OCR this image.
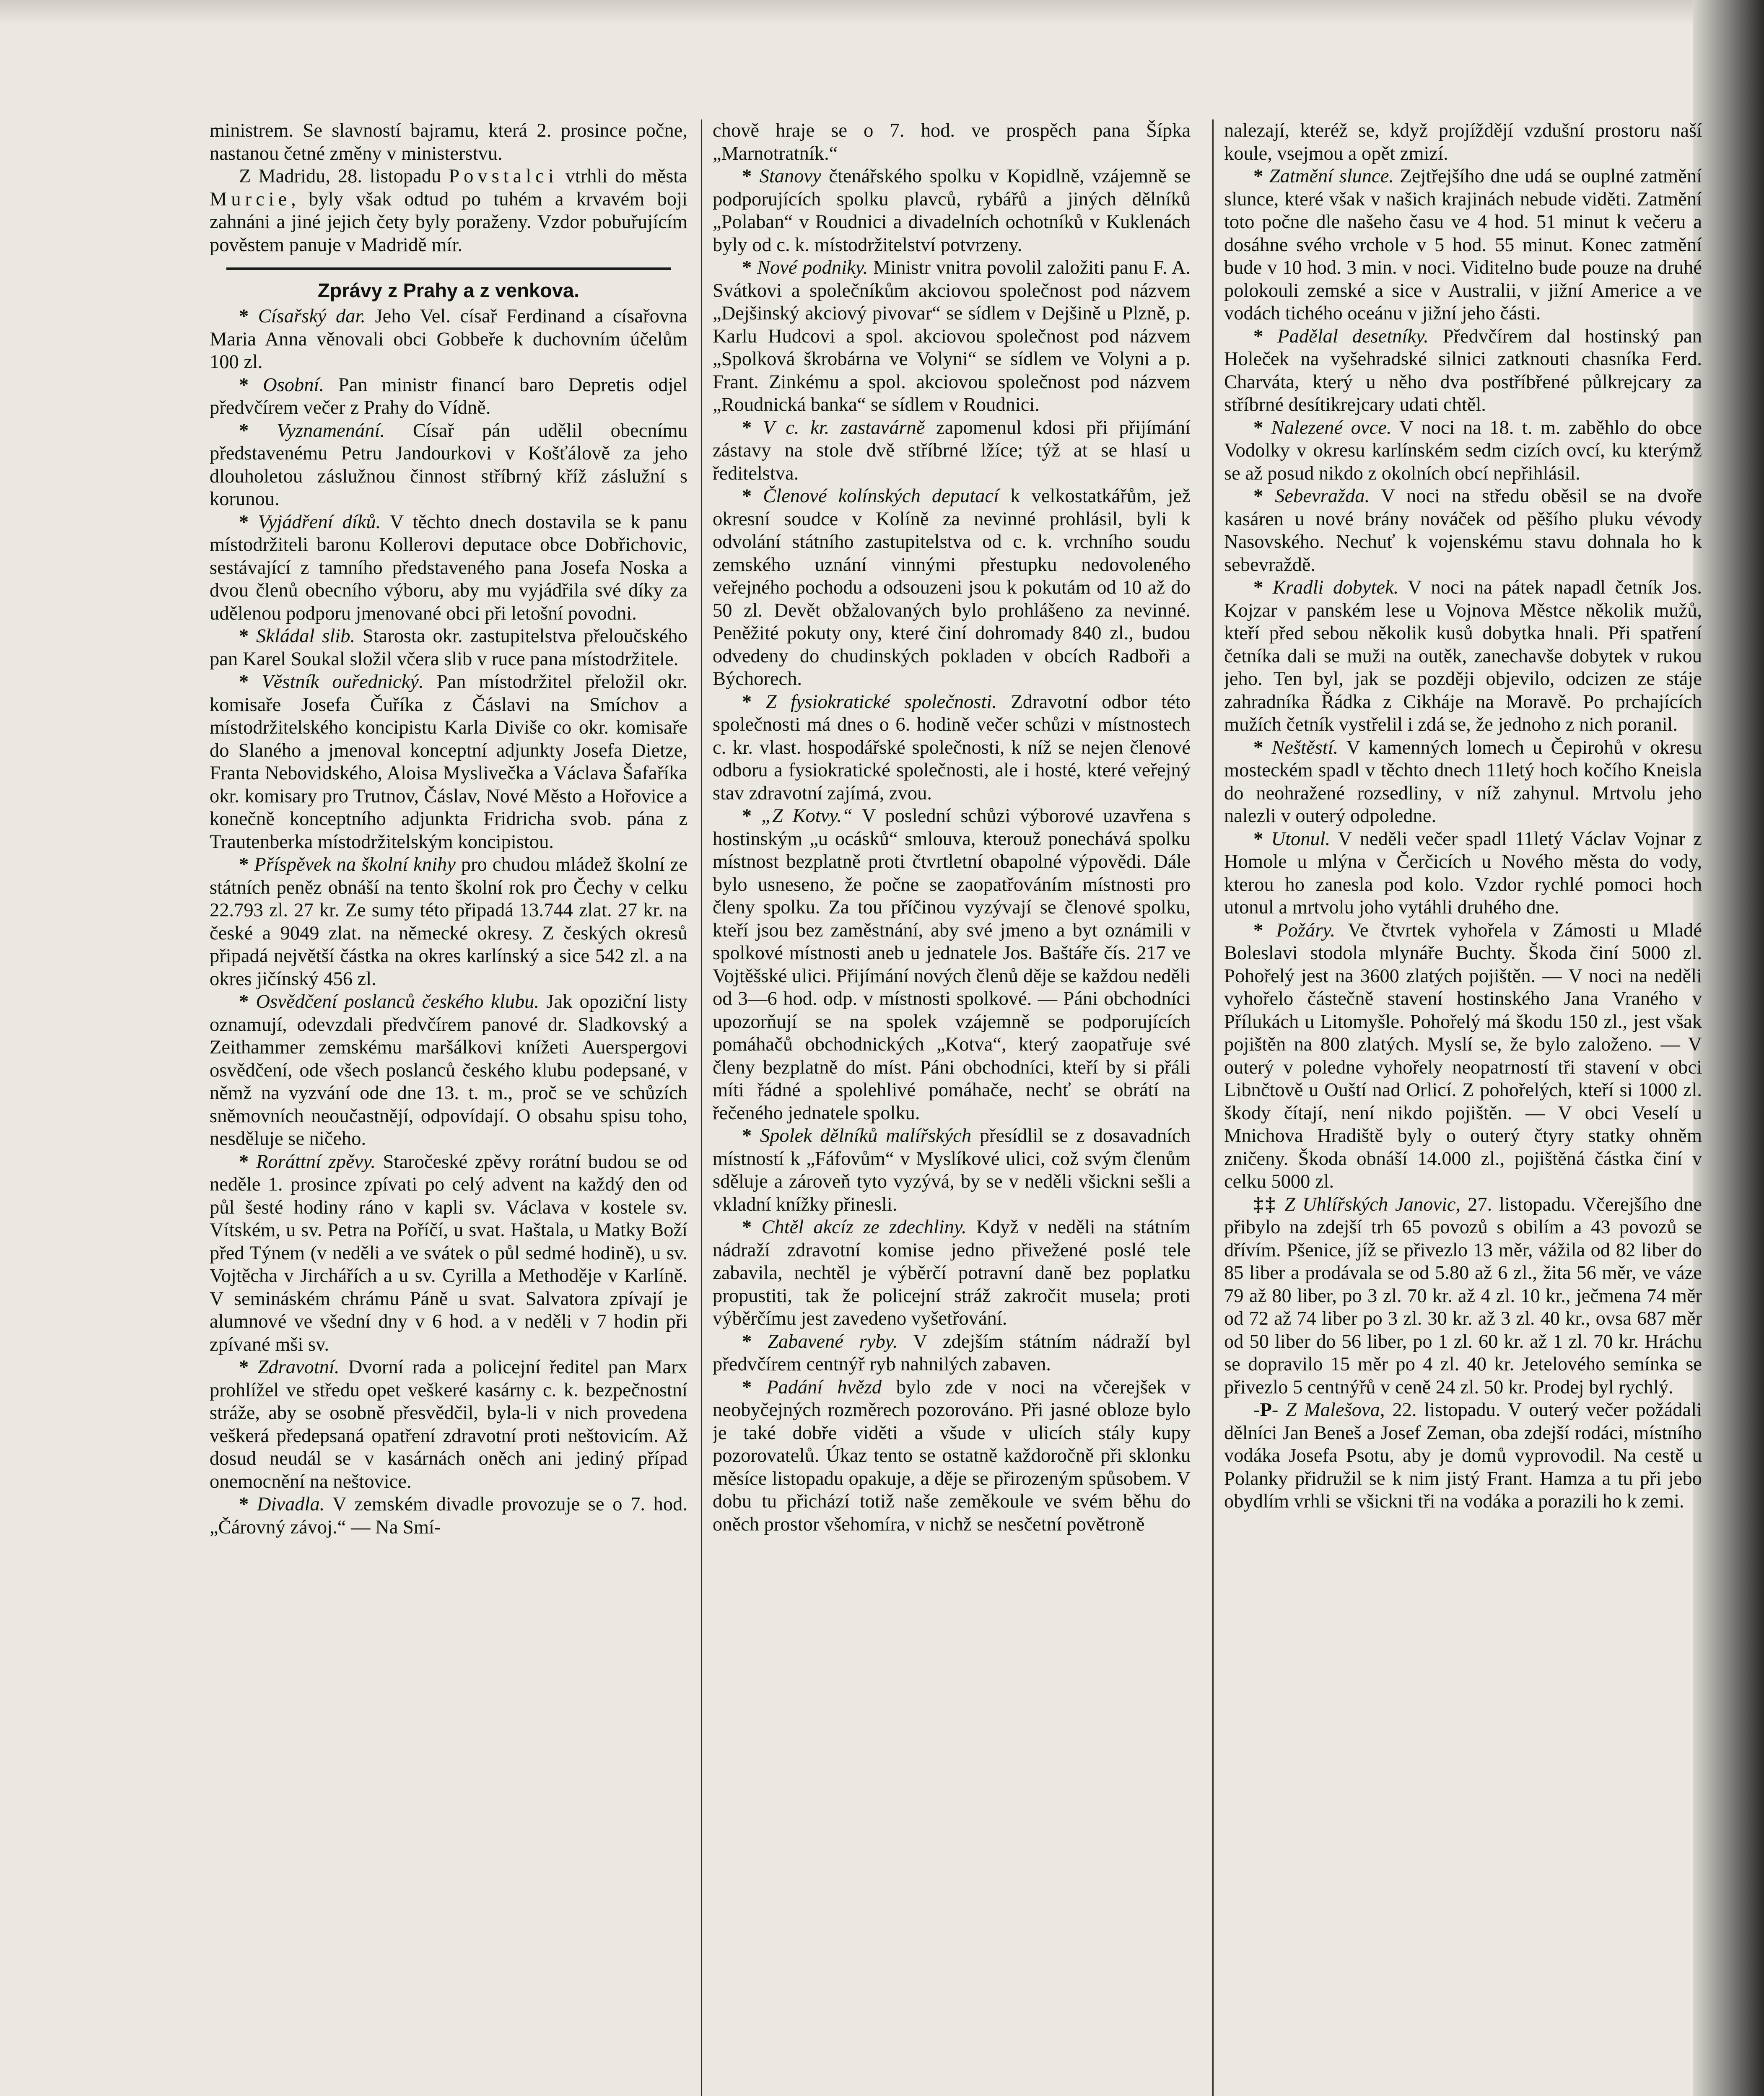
ministrem. Se slavností bajramu, která 2. prosince počne, nastanou četné změny v ministerstvu.

Z Madridu, 28. listopadu Povstalci vtrhli do města Murcie, byly však odtud po tuhém a krvavém boji zahnáni a jiné jejich čety byly poraženy. Vzdor pobuřujícím pověstem panuje v Madridě mír.

Zprávy z Prahy a z venkova.

* Císařský dar. Jeho Vel. císař Ferdinand a císařovna Maria Anna věnovali obci Gobbeře k duchovním účelům 100 zl.

* Osobní. Pan ministr financí baro Depretis odjel předvčírem večer z Prahy do Vídně.

* Vyznamenání. Císař pán udělil obecnímu představenému Petru Jandourkovi v Košťálově za jeho dlouholetou záslužnou činnost stříbrný kříž záslužní s korunou.

* Vyjádření díků. V těchto dnech dostavila se k panu místodržiteli baronu Kollerovi deputace obce Dobřichovic, sestávající z tamního představeného pana Josefa Noska a dvou členů obecního výboru, aby mu vyjádřila své díky za udělenou podporu jmenované obci při letošní povodni.

* Skládal slib. Starosta okr. zastupitelstva přeloučského pan Karel Soukal složil včera slib v ruce pana místodržitele.

* Věstník ouřednický. Pan místodržitel přeložil okr. komisaře Josefa Čuříka z Čáslavi na Smíchov a místodržitelského koncipistu Karla Diviše co okr. komisaře do Slaného a jmenoval konceptní adjunkty Josefa Dietze, Franta Nebovidského, Aloisa Myslivečka a Václava Šafaříka okr. komisary pro Trutnov, Čáslav, Nové Město a Hořovice a konečně konceptního adjunkta Fridricha svob. pána z Trautenberka místodržitelským koncipistou.

* Příspěvek na školní knihy pro chudou mládež školní ze státních peněz obnáší na tento školní rok pro Čechy v celku 22.793 zl. 27 kr. Ze sumy této připadá 13.744 zlat. 27 kr. na české a 9049 zlat. na německé okresy. Z českých okresů připadá největší částka na okres karlínský a sice 542 zl. a na okres jičínský 456 zl.

* Osvědčení poslanců českého klubu. Jak opoziční listy oznamují, odevzdali předvčírem panové dr. Sladkovský a Zeithammer zemskému maršálkovi knížeti Auerspergovi osvědčení, ode všech poslanců českého klubu podepsané, v němž na vyzvání ode dne 13. t. m., proč se ve schůzích sněmovních neoučastnějí, odpovídají. O obsahu spisu toho, nesděluje se ničeho.

* Roráttní zpěvy. Staročeské zpěvy rorátní budou se od neděle 1. prosince zpívati po celý advent na každý den od půl šesté hodiny ráno v kapli sv. Václava v kostele sv. Vítském, u sv. Petra na Poříčí, u svat. Haštala, u Matky Boží před Týnem (v neděli a ve svátek o půl sedmé hodině), u sv. Vojtěcha v Jirchářích a u sv. Cyrilla a Methoděje v Karlíně. V semináském chrámu Páně u svat. Salvatora zpívají je alumnové ve všední dny v 6 hod. a v neděli v 7 hodin při zpívané mši sv.

* Zdravotní. Dvorní rada a policejní ředitel pan Marx prohlížel ve středu opet veškeré kasárny c. k. bezpečnostní stráže, aby se osobně přesvědčil, byla-li v nich provedena veškerá předepsaná opatření zdravotní proti neštovicím. Až dosud neudál se v kasárnách oněch ani jediný případ onemocnění na neštovice.

* Divadla. V zemském divadle provozuje se o 7. hod. „Čárovný závoj.“ — Na Smí-

chově hraje se o 7. hod. ve prospěch pana Šípka „Marnotratník.“

* Stanovy čtenářského spolku v Kopidlně, vzájemně se podporujících spolku plavců, rybářů a jiných dělníků „Polaban“ v Roudnici a divadelních ochotníků v Kuklenách byly od c. k. místodržitelství potvrzeny.

* Nové podniky. Ministr vnitra povolil založiti panu F. A. Svátkovi a společníkům akciovou společnost pod názvem „Dejšinský akciový pivovar“ se sídlem v Dejšině u Plzně, p. Karlu Hudcovi a spol. akciovou společnost pod názvem „Spolková škrobárna ve Volyni“ se sídlem ve Volyni a p. Frant. Zinkému a spol. akciovou společnost pod názvem „Roudnická banka“ se sídlem v Roudnici.

* V c. kr. zastavárně zapomenul kdosi při přijímání zástavy na stole dvě stříbrné lžíce; týž at se hlasí u ředitelstva.

* Členové kolínských deputací k velkostatkářům, jež okresní soudce v Kolíně za nevinné prohlásil, byli k odvolání státního zastupitelstva od c. k. vrchního soudu zemského uznání vinnými přestupku nedovoleného veřejného pochodu a odsouzeni jsou k pokutám od 10 až do 50 zl. Devět obžalovaných bylo prohlášeno za nevinné. Peněžité pokuty ony, které činí dohromady 840 zl., budou odvedeny do chudinských pokladen v obcích Radboři a Býchorech.

* Z fysiokratické společnosti. Zdravotní odbor této společnosti má dnes o 6. hodině večer schůzi v místnostech c. kr. vlast. hospodářské společnosti, k níž se nejen členové odboru a fysiokratické společnosti, ale i hosté, které veřejný stav zdravotní zajímá, zvou.

* „Z Kotvy.“ V poslední schůzi výborové uzavřena s hostinským „u ocásků“ smlouva, kterouž ponechává spolku místnost bezplatně proti čtvrtletní obapolné výpovědi. Dále bylo usneseno, že počne se zaopatřováním místnosti pro členy spolku. Za tou příčinou vyzývají se členové spolku, kteří jsou bez zaměstnání, aby své jmeno a byt oznámili v spolkové místnosti aneb u jednatele Jos. Baštáře čís. 217 ve Vojtěšské ulici. Přijímání nových členů děje se každou neděli od 3—6 hod. odp. v místnosti spolkové. — Páni obchodníci upozorňují se na spolek vzájemně se podporujících pomáhačů obchodnických „Kotva“, který zaopatřuje své členy bezplatně do míst. Páni obchodníci, kteří by si přáli míti řádné a spolehlivé pomáhače, nechť se obrátí na řečeného jednatele spolku.

* Spolek dělníků malířských přesídlil se z dosavadních místností k „Fáfovům“ v Myslíkové ulici, což svým členům sděluje a zároveň tyto vyzývá, by se v neděli všickni sešli a vkladní knížky přinesli.

* Chtěl akcíz ze zdechliny. Když v neděli na státním nádraží zdravotní komise jedno přivežené poslé tele zabavila, nechtěl je výběrčí potravní daně bez poplatku propustiti, tak že policejní stráž zakročit musela; proti výběrčímu jest zavedeno vyšetřování.

* Zabavené ryby. V zdejším státním nádraží byl předvčírem centnýř ryb nahnilých zabaven.

* Padání hvězd bylo zde v noci na včerejšek v neobyčejných rozměrech pozorováno. Při jasné obloze bylo je také dobře viděti a všude v ulicích stály kupy pozorovatelů. Úkaz tento se ostatně každoročně při sklonku měsíce listopadu opakuje, a děje se přirozeným spůsobem. V dobu tu přichází totiž naše zeměkoule ve svém běhu do oněch prostor všehomíra, v nichž se nesčetní povětroně

nalezají, kteréž se, když projíždějí vzdušní prostoru naší koule, vsejmou a opět zmizí.

* Zatmění slunce. Zejtřejšího dne udá se ouplné zatmění slunce, které však v našich krajinách nebude viděti. Zatmění toto počne dle našeho času ve 4 hod. 51 minut k večeru a dosáhne svého vrchole v 5 hod. 55 minut. Konec zatmění bude v 10 hod. 3 min. v noci. Viditelno bude pouze na druhé polokouli zemské a sice v Australii, v jižní Americe a ve vodách tichého oceánu v jižní jeho části.

* Padělal desetníky. Předvčírem dal hostinský pan Holeček na vyšehradské silnici zatknouti chasníka Ferd. Charváta, který u něho dva postříbřené půlkrejcary za stříbrné desítikrejcary udati chtěl.

* Nalezené ovce. V noci na 18. t. m. zaběhlo do obce Vodolky v okresu karlínském sedm cizích ovcí, ku kterýmž se až posud nikdo z okolních obcí nepřihlásil.

* Sebevražda. V noci na středu oběsil se na dvoře kasáren u nové brány nováček od pěšího pluku vévody Nasovského. Nechuť k vojenskému stavu dohnala ho k sebevraždě.

* Kradli dobytek. V noci na pátek napadl četník Jos. Kojzar v panském lese u Vojnova Městce několik mužů, kteří před sebou několik kusů dobytka hnali. Při spatření četníka dali se muži na outěk, zanechavše dobytek v rukou jeho. Ten byl, jak se později objevilo, odcizen ze stáje zahradníka Řádka z Cikháje na Moravě. Po prchajících mužích četník vystřelil i zdá se, že jednoho z nich poranil.

* Neštěstí. V kamenných lomech u Čepirohů v okresu mosteckém spadl v těchto dnech 11letý hoch kočího Kneisla do neohražené rozsedliny, v níž zahynul. Mrtvolu jeho nalezli v outerý odpoledne.

* Utonul. V neděli večer spadl 11letý Václav Vojnar z Homole u mlýna v Čerčicích u Nového města do vody, kterou ho zanesla pod kolo. Vzdor rychlé pomoci hoch utonul a mrtvolu joho vytáhli druhého dne.

* Požáry. Ve čtvrtek vyhořela v Zámosti u Mladé Boleslavi stodola mlynáře Buchty. Škoda činí 5000 zl. Pohořelý jest na 3600 zlatých pojištěn. — V noci na neděli vyhořelo částečně stavení hostinského Jana Vraného v Přílukách u Litomyšle. Pohořelý má škodu 150 zl., jest však pojištěn na 800 zlatých. Myslí se, že bylo založeno. — V outerý v poledne vyhořely neopatrností tři stavení v obci Libnčtově u Ouští nad Orlicí. Z pohořelých, kteří si 1000 zl. škody čítají, není nikdo pojištěn. — V obci Veselí u Mnichova Hradiště byly o outerý čtyry statky ohněm zničeny. Škoda obnáší 14.000 zl., pojištěná částka činí v celku 5000 zl.

‡‡ Z Uhlířských Janovic, 27. listopadu. Včerejšího dne přibylo na zdejší trh 65 povozů s obilím a 43 povozů se dřívím. Pšenice, jíž se přivezlo 13 měr, vážila od 82 liber do 85 liber a prodávala se od 5.80 až 6 zl., žita 56 měr, ve váze 79 až 80 liber, po 3 zl. 70 kr. až 4 zl. 10 kr., ječmena 74 měr od 72 až 74 liber po 3 zl. 30 kr. až 3 zl. 40 kr., ovsa 687 měr od 50 liber do 56 liber, po 1 zl. 60 kr. až 1 zl. 70 kr. Hráchu se dopravilo 15 měr po 4 zl. 40 kr. Jetelového semínka se přivezlo 5 centnýřů v ceně 24 zl. 50 kr. Prodej byl rychlý.

-P- Z Malešova, 22. listopadu. V outerý večer požádali dělníci Jan Beneš a Josef Zeman, oba zdejší rodáci, místního vodáka Josefa Psotu, aby je domů vyprovodil. Na cestě u Polanky přidružil se k nim jistý Frant. Hamza a tu při jebo obydlím vrhli se všickni tři na vodáka a porazili ho k zemi.
